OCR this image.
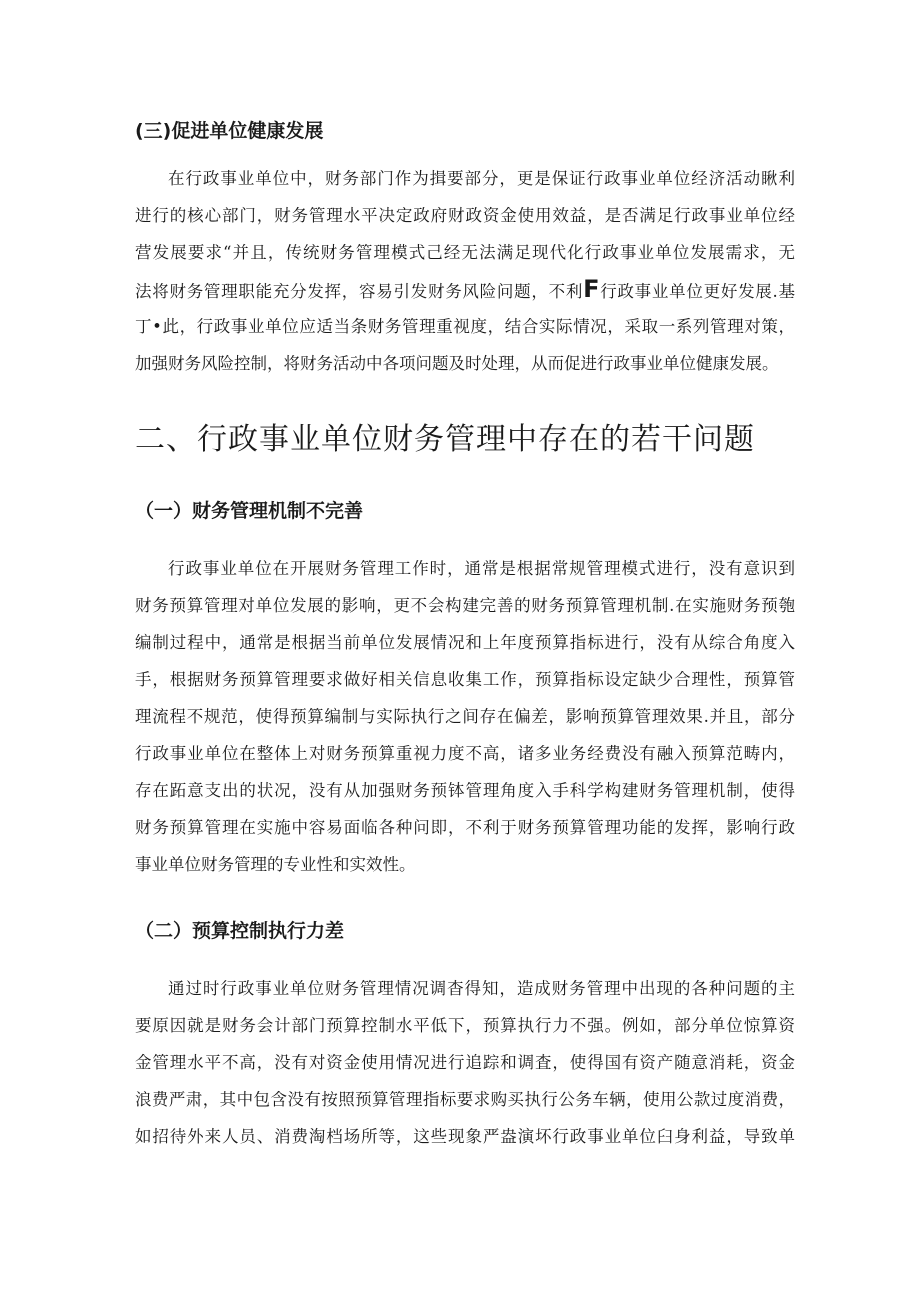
(三)促进单位健康发展
在行政事业单位中，财务部门作为揖要部分，更是保证行政事业单位经济活动瞅利
进行的核心部门，财务管理水平决定政府财政资金使用效益，是否满足行政事业单位经
营发展要求“并且，传统财务管理模式己经无法满足现代化行政事业单位发展需求，无
法将财务管理职能充分发挥，容易引发财务风险问题，不利F行政事业单位更好发展.基
丁•此，行政事业单位应适当条财务管理重视度，结合实际情况，采取一系列管理对策，
加强财务风险控制，将财务活动中各项问题及时处理，从而促进行政事业单位健康发展。
二、行政事业单位财务管理中存在的若干问题
（一）财务管理机制不完善
行政事业单位在开展财务管理工作时，通常是根据常规管理模式进行，没有意识到
财务预算管理对单位发展的影响，更不会构建完善的财务预算管理机制.在实施财务预匏
编制过程中，通常是根据当前单位发展情况和上年度预算指标进行，没有从综合角度入
手，根据财务预算管理要求做好相关信息收集工作，预算指标设定缺少合理性，预算管
理流程不规范，使得预算编制与实际执行之间存在偏差，影响预算管理效果.并且，部分
行政事业单位在整体上对财务预算重视力度不高，诸多业务经费没有融入预算范畴内，
存在跖意支出的状况，没有从加强财务预钵管理角度入手科学构建财务管理机制，使得
财务预算管理在实施中容易面临各种问即，不利于财务预算管理功能的发挥，影响行政
事业单位财务管理的专业性和实效性。
（二）预算控制执行力差
通过时行政事业单位财务管理情况调杳得知，造成财务管理中出现的各种问题的主
要原因就是财务会计部门预算控制水平低下，预算执行力不强。例如，部分单位惊算资
金管理水平不高，没有对资金使用情况进行追踪和调査，使得国有资产随意消耗，资金
浪费严肃，其中包含没有按照预算管理指标要求购买执行公务车辆，使用公款过度消费，
如招待外来人员、消费淘档场所等，这些现象严盎演坏行政事业单位臼身利益，导致单
